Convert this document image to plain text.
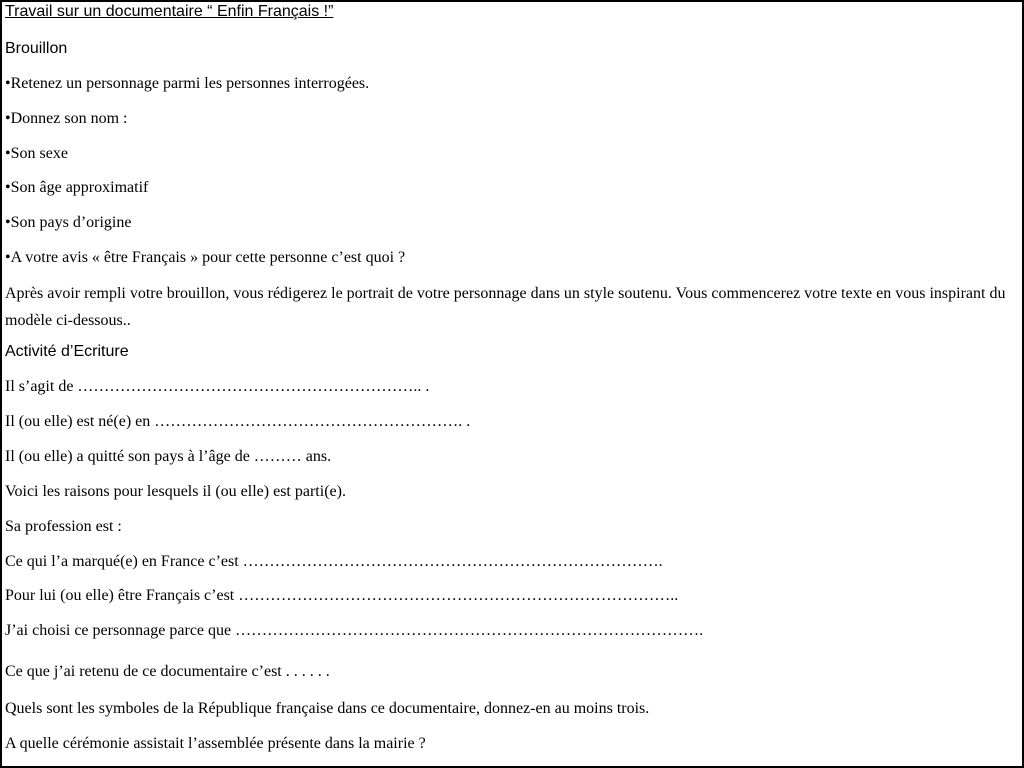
Travail sur un documentaire “ Enfin Français !”
Brouillon
•Retenez un personnage parmi les personnes interrogées.
•Donnez son nom :
•Son sexe
•Son âge approximatif
•Son pays d’origine
•A votre avis « être Français » pour cette personne c’est quoi ?
Après avoir rempli votre brouillon, vous rédigerez le portrait de votre personnage dans un style soutenu. Vous commencerez votre texte en vous inspirant du modèle ci-dessous..
Activité d’Ecriture
Il s’agit de ……………………………………………………….. .
Il (ou elle) est né(e) en …………………………………………………. .
Il (ou elle) a quitté son pays à l’âge de ……… ans.
Voici les raisons pour lesquels il (ou elle) est parti(e).
Sa profession est :
Ce qui l’a marqué(e) en France c’est …………………………………………………………………….
Pour lui (ou elle) être Français c’est ………………………………………………………………………..
J’ai choisi ce personnage parce que …………………………………………………………………………….
Ce que j’ai retenu de ce documentaire c’est . . . . . .
Quels sont les symboles de la République française dans ce documentaire, donnez-en au moins trois.
A quelle cérémonie assistait l’assemblée présente dans la mairie ?
